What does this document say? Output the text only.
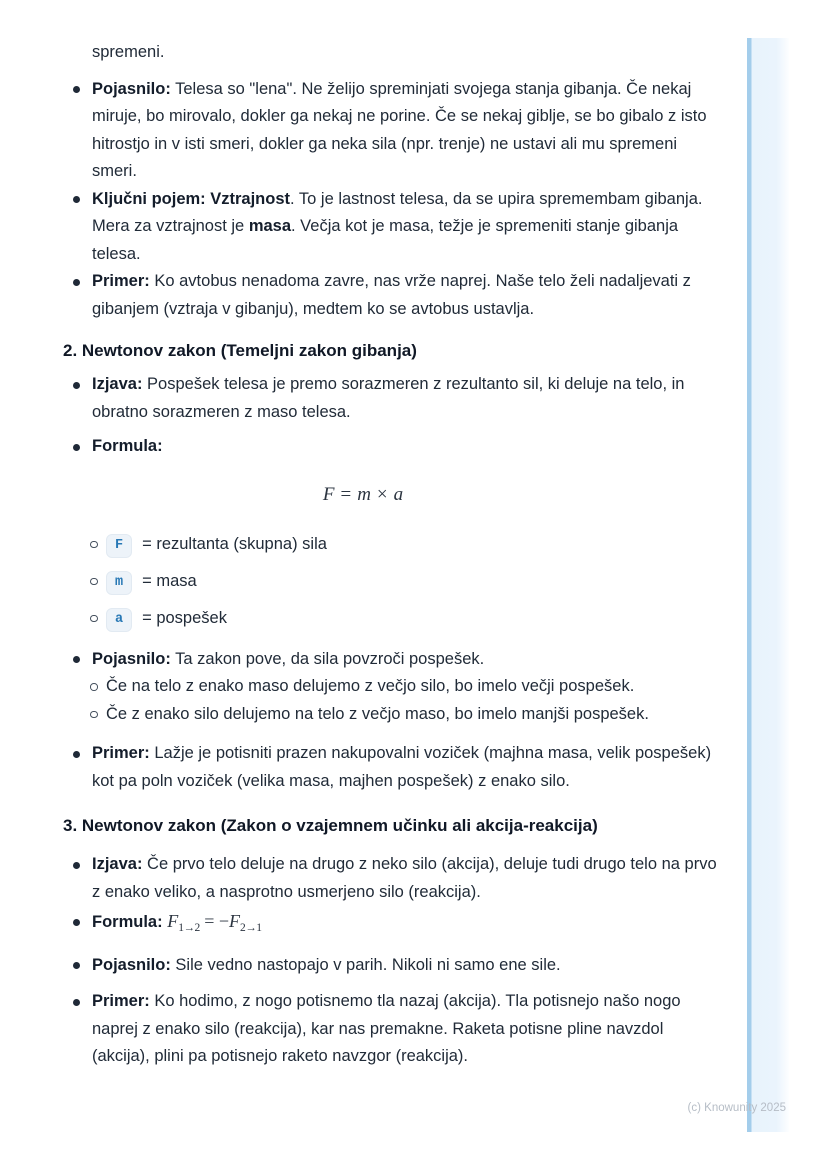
spremeni.

Pojasnilo: Telesa so "lena". Ne želijo spreminjati svojega stanja gibanja. Če nekaj miruje, bo mirovalo, dokler ga nekaj ne porine. Če se nekaj giblje, se bo gibalo z isto hitrostjo in v isti smeri, dokler ga neka sila (npr. trenje) ne ustavi ali mu spremeni smeri.
Ključni pojem: Vztrajnost. To je lastnost telesa, da se upira spremembam gibanja. Mera za vztrajnost je masa. Večja kot je masa, težje je spremeniti stanje gibanja telesa.
Primer: Ko avtobus nenadoma zavre, nas vrže naprej. Naše telo želi nadaljevati z gibanjem (vztraja v gibanju), medtem ko se avtobus ustavlja.
2. Newtonov zakon (Temeljni zakon gibanja)
Izjava: Pospešek telesa je premo sorazmeren z rezultanto sil, ki deluje na telo, in obratno sorazmeren z maso telesa.
Formula:
F = m × a
F = rezultanta (skupna) sila
m = masa
a = pospešek
Pojasnilo: Ta zakon pove, da sila povzroči pospešek.
Če na telo z enako maso delujemo z večjo silo, bo imelo večji pospešek.
Če z enako silo delujemo na telo z večjo maso, bo imelo manjši pospešek.
Primer: Lažje je potisniti prazen nakupovalni voziček (majhna masa, velik pospešek) kot pa poln voziček (velika masa, majhen pospešek) z enako silo.
3. Newtonov zakon (Zakon o vzajemnem učinku ali akcija-reakcija)
Izjava: Če prvo telo deluje na drugo z neko silo (akcija), deluje tudi drugo telo na prvo z enako veliko, a nasprotno usmerjeno silo (reakcija).
Formula: $F_{1\to 2} = -F_{2\to 1}$
Pojasnilo: Sile vedno nastopajo v parih. Nikoli ni samo ene sile.
Primer: Ko hodimo, z nogo potisnemo tla nazaj (akcija). Tla potisnejo našo nogo naprej z enako silo (reakcija), kar nas premakne. Raketa potisne pline navzdol (akcija), plini pa potisnejo raketo navzgor (reakcija).
(c) Knowunity 2025
